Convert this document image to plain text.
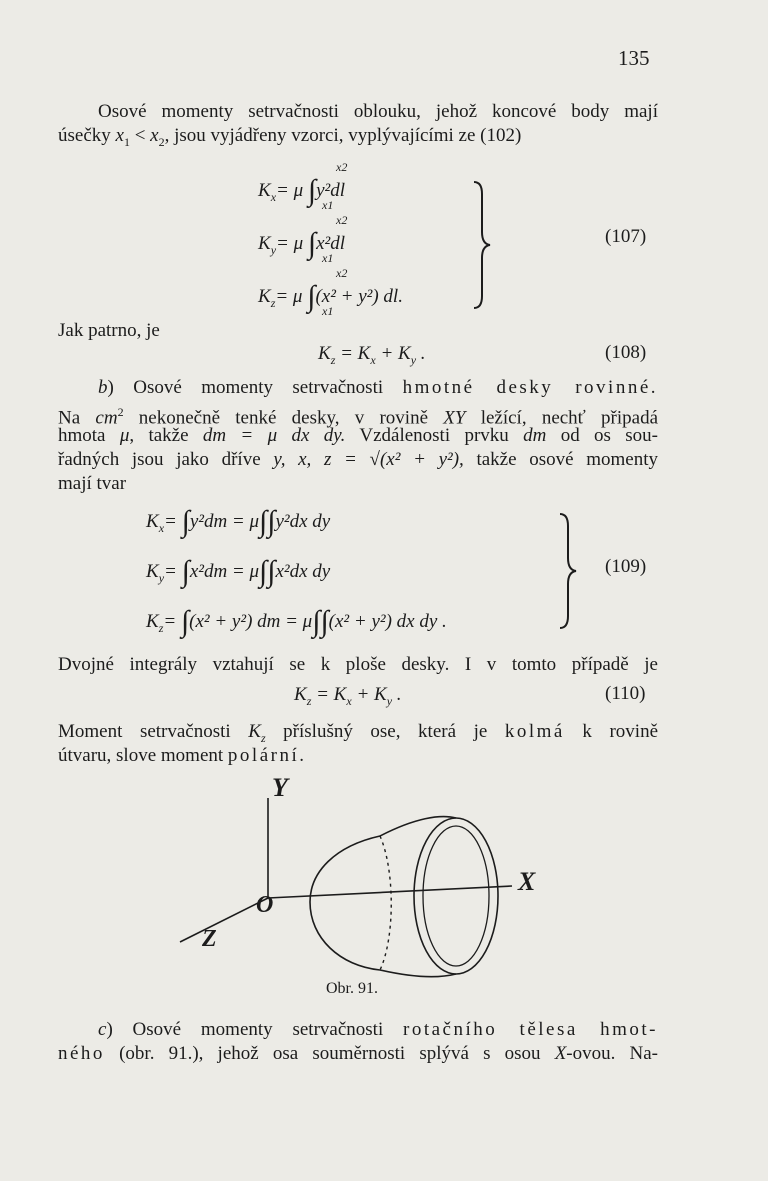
135
Osové momenty setrvačnosti oblouku, jehož koncové body mají
úsečky $x_1 < x_2$, jsou vyjádřeny vzorci, vyplývajícími ze (102)
$K_x= \mu$ ∫y²dl
x2
x1
$K_y= \mu$ ∫x²dl
x2
x1
$K_z= \mu$ ∫(x² + y²) dl.
x2
x1
(107)
Jak patrno, je
$K_z = K_x + K_y$ .	(108)
b) Osové momenty setrvačnosti hmotné desky rovinné.
Na $cm^2$ nekonečně tenké desky, v rovině XY ležící, nechť připadá
hmota μ, takže dm = μ dx dy. Vzdálenosti prvku dm od os sou-
řadných jsou jako dříve y, x, z = √(x² + y²), takže osové momenty
mají tvar
$K_x= \int y^2dm = \mu\int\int y^2dx$ dy
$K_y= \int x^2dm = \mu\int\int x^2dx$ dy
$K_z= \int(x^2 + y^2)$ dm = μ∫∫(x² + y²) dx dy .
(109)
Dvojné integrály vztahují se k ploše desky. I v tomto případě je
$K_z = K_x + K_y$ .	(110)
Moment setrvačnosti $K_z$ příslušný ose, která je kolmá k rovině
útvaru, slove moment polární.
Y
X
O
Z
Obr. 91.
c) Osové momenty setrvačnosti rotačního tělesa hmot-
ného (obr. 91.), jehož osa souměrnosti splývá s osou X-ovou. Na-
